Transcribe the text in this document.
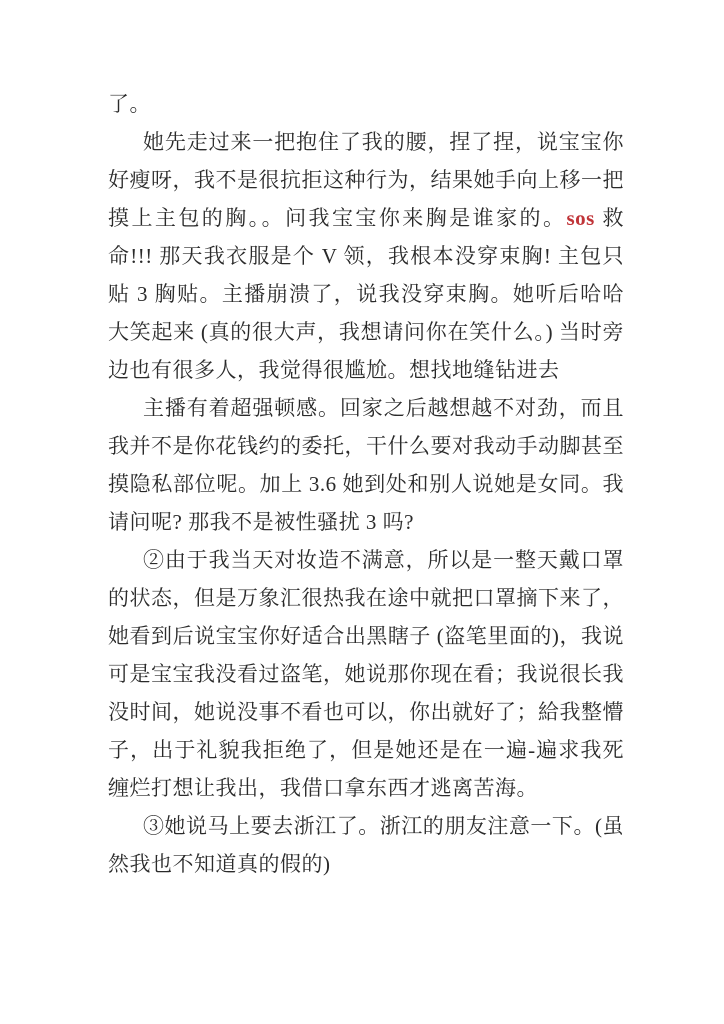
了。

她先走过来一把抱住了我的腰，捏了捏，说宝宝你好瘦呀，我不是很抗拒这种行为，结果她手向上移一把摸上主包的胸。。问我宝宝你来胸是谁家的。sos 救命!!! 那天我衣服是个 V 领，我根本没穿束胸! 主包只贴 3 胸贴。主播崩溃了，说我没穿束胸。她听后哈哈大笑起来 (真的很大声，我想请问你在笑什么。) 当时旁边也有很多人，我觉得很尴尬。想找地缝钻进去

主播有着超强顿感。回家之后越想越不对劲，而且我并不是你花钱约的委托，干什么要对我动手动脚甚至摸隐私部位呢。加上 3.6 她到处和别人说她是女同。我请问呢? 那我不是被性骚扰 3 吗?

②由于我当天对妆造不满意，所以是一整天戴口罩的状态，但是万象汇很热我在途中就把口罩摘下来了，她看到后说宝宝你好适合出黑瞎子 (盗笔里面的)，我说可是宝宝我没看过盗笔，她说那你现在看；我说很长我没时间，她说没事不看也可以，你出就好了；給我整懵子，出于礼貌我拒绝了，但是她还是在一遍-遍求我死缠烂打想让我出，我借口拿东西才逃离苦海。

③她说马上要去浙江了。浙江的朋友注意一下。(虽然我也不知道真的假的)
